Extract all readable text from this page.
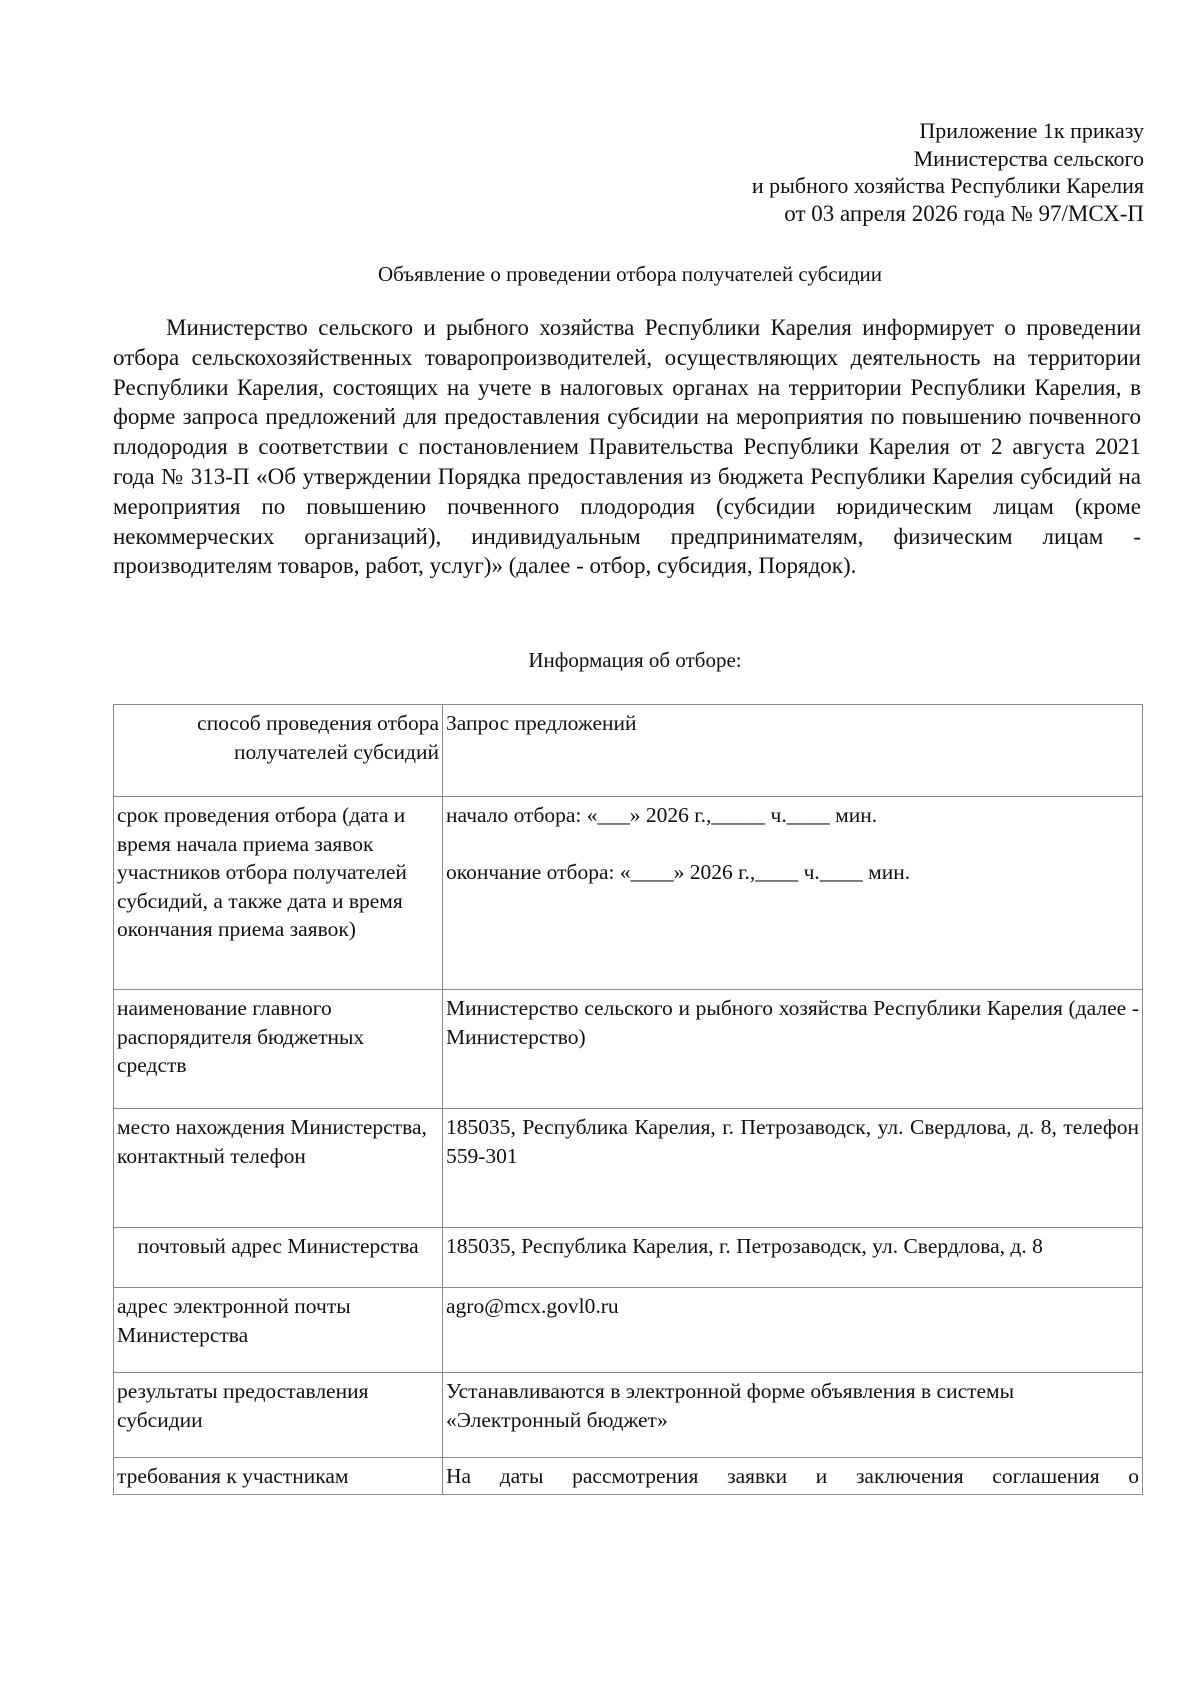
Приложение 1к приказу
Министерства сельского
и рыбного хозяйства Республики Карелия
от 03 апреля 2026 года № 97/МСХ-П
Объявление о проведении отбора получателей субсидии
Министерство сельского и рыбного хозяйства Республики Карелия информирует о проведении отбора сельскохозяйственных товаропроизводителей, осуществляющих деятельность на территории Республики Карелия, состоящих на учете в налоговых органах на территории Республики Карелия, в форме запроса предложений для предоставления субсидии на мероприятия по повышению почвенного плодородия в соответствии с постановлением Правительства Республики Карелия от 2 августа 2021 года № 313-П «Об утверждении Порядка предоставления из бюджета Республики Карелия субсидий на мероприятия по повышению почвенного плодородия (субсидии юридическим лицам (кроме некоммерческих организаций), индивидуальным предпринимателям, физическим лицам - производителям товаров, работ, услуг)» (далее - отбор, субсидия, Порядок).
Информация об отборе:
способ проведения отбора получателей субсидий	Запрос предложений
срок проведения отбора (дата и время начала приема заявок участников отбора получателей субсидий, а также дата и время окончания приема заявок)	начало отбора: «___» 2026 г.,_____ ч.____ мин.

окончание отбора: «____» 2026 г.,____ ч.____ мин.

наименование главного распорядителя бюджетных средств	Министерство сельского и рыбного хозяйства Республики Карелия (далее - Министерство)
место нахождения Министерства, контактный телефон	185035, Республика Карелия, г. Петрозаводск, ул. Свердлова, д. 8, телефон 559-301
почтовый адрес Министерства	185035, Республика Карелия, г. Петрозаводск, ул. Свердлова, д. 8
адрес электронной почты Министерства	agro@mcx.govl0.ru
результаты предоставления субсидии	Устанавливаются в электронной форме объявления в системы «Электронный бюджет»
требования к участникам	На даты рассмотрения заявки и заключения соглашения о
